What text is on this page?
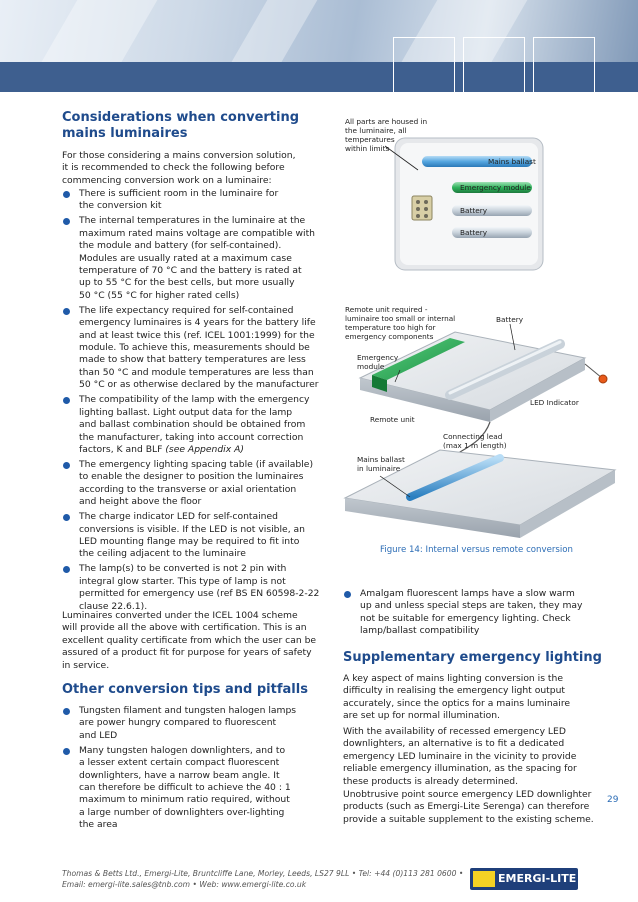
Considerations when converting
mains luminaires
For those considering a mains conversion solution,
it is recommended to check the following before
commencing conversion work on a luminaire:
There is sufficient room in the luminaire for
the conversion kit
The internal temperatures in the luminaire at the
maximum rated mains voltage are compatible with
the module and battery (for self-contained).
Modules are usually rated at a maximum case
temperature of 70 °C and the battery is rated at
up to 55 °C for the best cells, but more usually
50 °C (55 °C for higher rated cells)
The life expectancy required for self-contained
emergency luminaires is 4 years for the battery life
and at least twice this (ref. ICEL 1001:1999) for the
module. To achieve this, measurements should be
made to show that battery temperatures are less
than 50 °C and module temperatures are less than
50 °C or as otherwise declared by the manufacturer
The compatibility of the lamp with the emergency
lighting ballast. Light output data for the lamp
and ballast combination should be obtained from
the manufacturer, taking into account correction
factors, K and BLF (see Appendix A)
The emergency lighting spacing table (if available)
to enable the designer to position the luminaires
according to the transverse or axial orientation
and height above the floor
The charge indicator LED for self-contained
conversions is visible. If the LED is not visible, an
LED mounting flange may be required to fit into
the ceiling adjacent to the luminaire
The lamp(s) to be converted is not 2 pin with
integral glow starter. This type of lamp is not
permitted for emergency use (ref BS EN 60598-2-22
clause 22.6.1).
Luminaires converted under the ICEL 1004 scheme
will provide all the above with certification. This is an
excellent quality certificate from which the user can be
assured of a product fit for purpose for years of safety
in service.
Other conversion tips and pitfalls
Tungsten filament and tungsten halogen lamps
are power hungry compared to fluorescent
and LED
Many tungsten halogen downlighters, and to
a lesser extent certain compact fluorescent
downlighters, have a narrow beam angle. It
can therefore be difficult to achieve the 40 : 1
maximum to minimum ratio required, without
a large number of downlighters over-lighting
the area
All parts are housed in
the luminaire, all
temperatures
within limits
Mains ballast
Emergency module
Battery
Battery
Remote unit required -
luminaire too small or internal
temperature too high for
emergency components
Battery
Emergency
module
LED Indicator
Remote unit
Connecting lead
(max 1 m length)
Mains ballast
in luminaire
Figure 14: Internal versus remote conversion
Amalgam fluorescent lamps have a slow warm
up and unless special steps are taken, they may
not be suitable for emergency lighting. Check
lamp/ballast compatibility
Supplementary emergency lighting
A key aspect of mains lighting conversion is the
difficulty in realising the emergency light output
accurately, since the optics for a mains luminaire
are set up for normal illumination.
With the availability of recessed emergency LED
downlighters, an alternative is to fit a dedicated
emergency LED luminaire in the vicinity to provide
reliable emergency illumination, as the spacing for
these products is already determined.
Unobtrusive point source emergency LED downlighter
products (such as Emergi-Lite Serenga) can therefore
provide a suitable supplement to the existing scheme.
29
Thomas & Betts Ltd., Emergi-Lite, Bruntcliffe Lane, Morley, Leeds, LS27 9LL • Tel: +44 (0)113 281 0600 •
Email: emergi-lite.sales@tnb.com • Web: www.emergi-lite.co.uk	EMERGI-LITE
